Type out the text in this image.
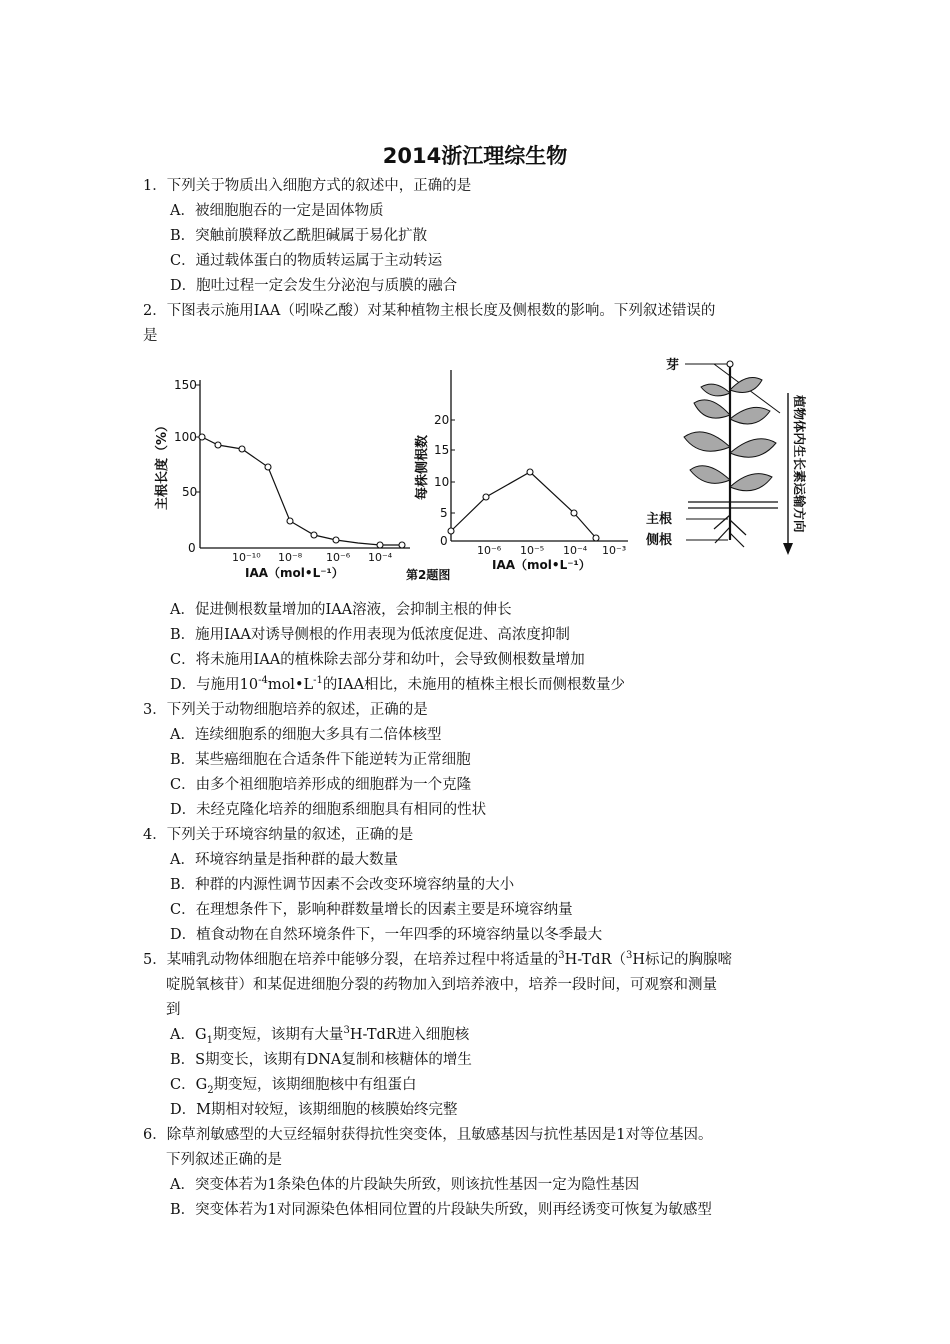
2014浙江理综生物
1．下列关于物质出入细胞方式的叙述中，正确的是
A．被细胞胞吞的一定是固体物质
B．突触前膜释放乙酰胆碱属于易化扩散
C．通过载体蛋白的物质转运属于主动转运
D．胞吐过程一定会发生分泌泡与质膜的融合
2．下图表示施用IAA（吲哚乙酸）对某种植物主根长度及侧根数的影响。下列叙述错误的
是
150
100
50
0
10⁻¹⁰ 10⁻⁸ 10⁻⁶ 10⁻⁴
IAA（mol•L⁻¹）
主根长度（%）	20
15
10
5
0
10⁻⁶ 10⁻⁵ 10⁻⁴ 10⁻³
IAA（mol•L⁻¹）
每株侧根数
第2题图
芽
主根
侧根
植物体内生长素运输方向
A．促进侧根数量增加的IAA溶液，会抑制主根的伸长
B．施用IAA对诱导侧根的作用表现为低浓度促进、高浓度抑制
C．将未施用IAA的植株除去部分芽和幼叶，会导致侧根数量增加
D．与施用$10^{-4}mol•L^{-1}$的IAA相比，未施用的植株主根长而侧根数量少
3．下列关于动物细胞培养的叙述，正确的是
A．连续细胞系的细胞大多具有二倍体核型
B．某些癌细胞在合适条件下能逆转为正常细胞
C．由多个祖细胞培养形成的细胞群为一个克隆
D．未经克隆化培养的细胞系细胞具有相同的性状
4．下列关于环境容纳量的叙述，正确的是
A．环境容纳量是指种群的最大数量
B．种群的内源性调节因素不会改变环境容纳量的大小
C．在理想条件下，影响种群数量增长的因素主要是环境容纳量
D．植食动物在自然环境条件下，一年四季的环境容纳量以冬季最大
5．某哺乳动物体细胞在培养中能够分裂，在培养过程中将适量的$^3$H-TdR（$^3$H标记的胸腺嘧
啶脱氧核苷）和某促进细胞分裂的药物加入到培养液中，培养一段时间，可观察和测量
到
A．$G_1$期变短，该期有大量$^3$H-TdR进入细胞核
B．S期变长，该期有DNA复制和核糖体的增生
C．$G_2$期变短，该期细胞核中有组蛋白
D．M期相对较短，该期细胞的核膜始终完整
6．除草剂敏感型的大豆经辐射获得抗性突变体，且敏感基因与抗性基因是1对等位基因。
下列叙述正确的是
A．突变体若为1条染色体的片段缺失所致，则该抗性基因一定为隐性基因
B．突变体若为1对同源染色体相同位置的片段缺失所致，则再经诱变可恢复为敏感型
